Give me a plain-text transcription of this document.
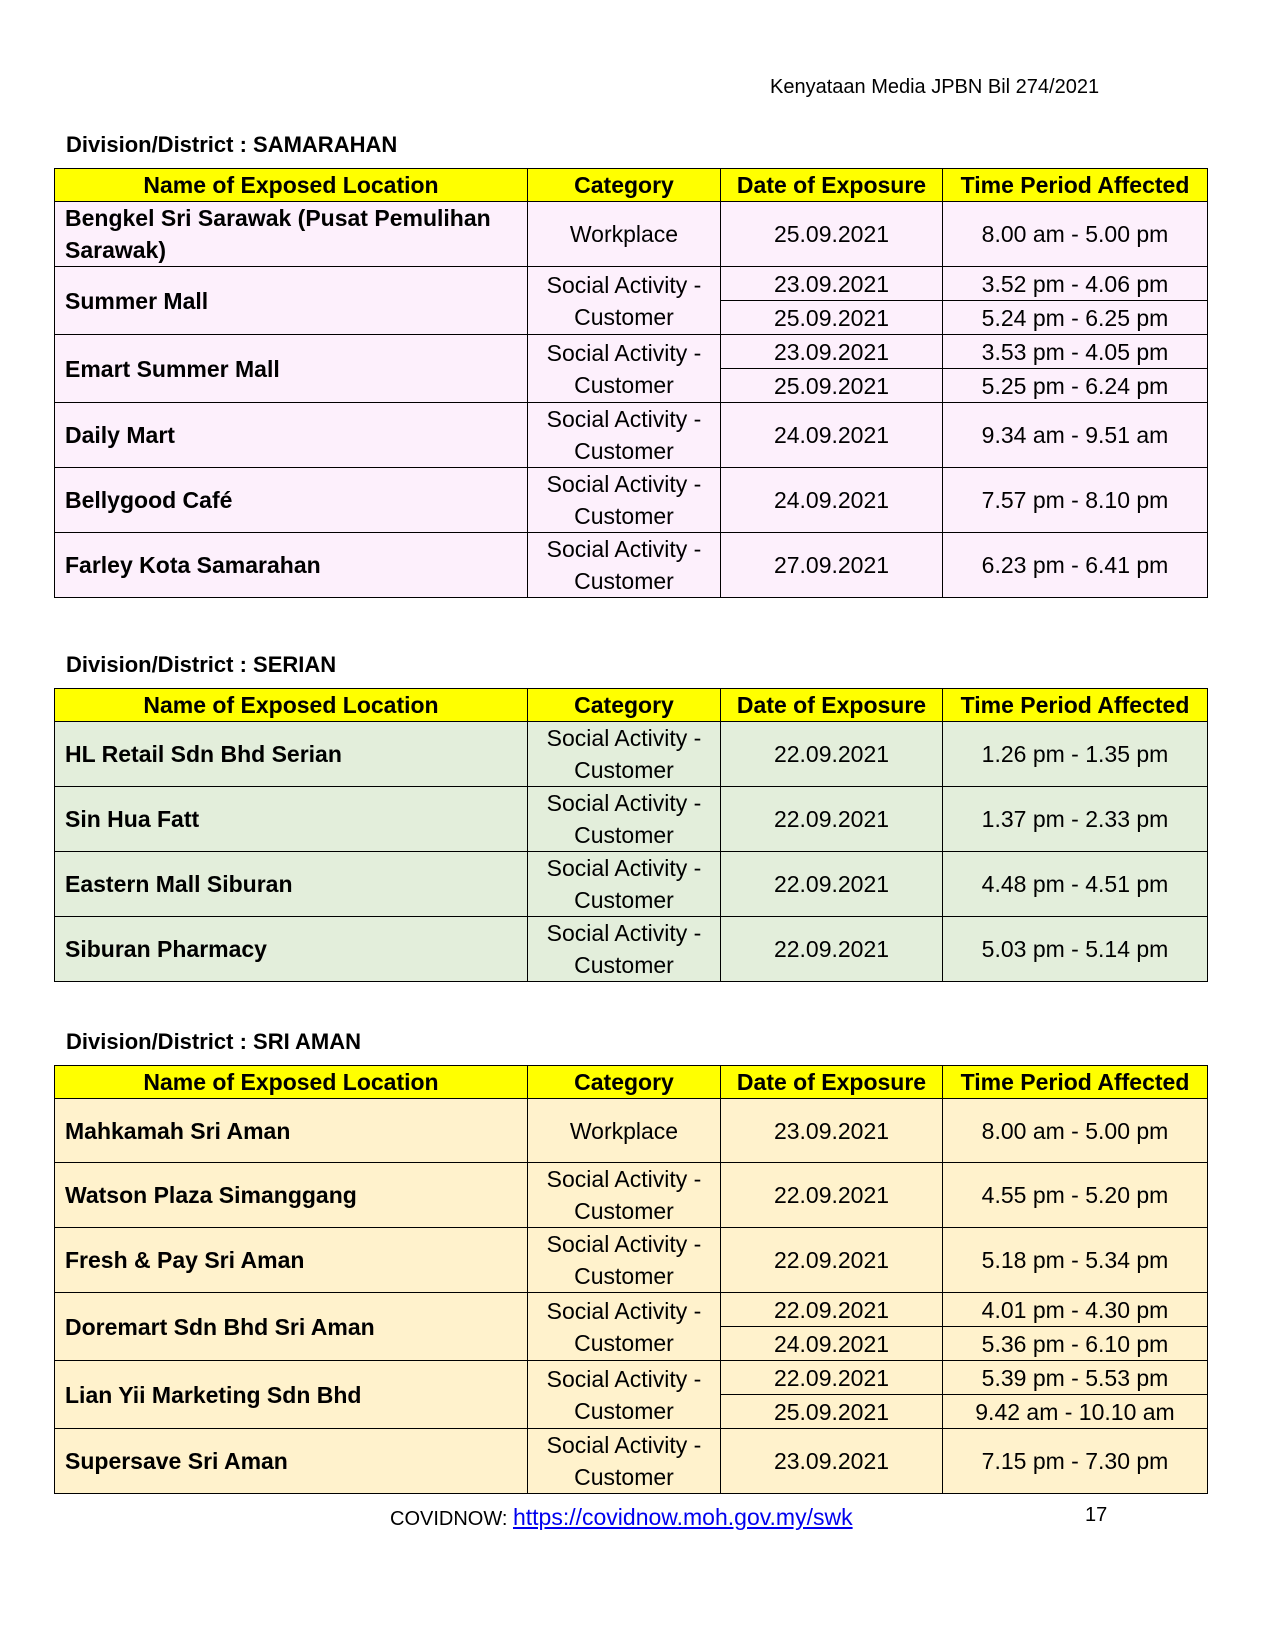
Kenyataan Media JPBN Bil 274/2021
Division/District : SAMARAHAN
Name of Exposed Location	Category	Date of Exposure	Time Period Affected
Bengkel Sri Sarawak (Pusat Pemulihan Sarawak)	Workplace	25.09.2021	8.00 am - 5.00 pm
Summer Mall	Social Activity - Customer	23.09.2021	3.52 pm - 4.06 pm
		25.09.2021	5.24 pm - 6.25 pm
Emart Summer Mall	Social Activity - Customer	23.09.2021	3.53 pm - 4.05 pm
		25.09.2021	5.25 pm - 6.24 pm
Daily Mart	Social Activity - Customer	24.09.2021	9.34 am - 9.51 am
Bellygood Café	Social Activity - Customer	24.09.2021	7.57 pm - 8.10 pm
Farley Kota Samarahan	Social Activity - Customer	27.09.2021	6.23 pm - 6.41 pm
Division/District : SERIAN
Name of Exposed Location	Category	Date of Exposure	Time Period Affected
HL Retail Sdn Bhd Serian	Social Activity - Customer	22.09.2021	1.26 pm - 1.35 pm
Sin Hua Fatt	Social Activity - Customer	22.09.2021	1.37 pm - 2.33 pm
Eastern Mall Siburan	Social Activity - Customer	22.09.2021	4.48 pm - 4.51 pm
Siburan Pharmacy	Social Activity - Customer	22.09.2021	5.03 pm - 5.14 pm
Division/District : SRI AMAN
Name of Exposed Location	Category	Date of Exposure	Time Period Affected
Mahkamah Sri Aman	Workplace	23.09.2021	8.00 am - 5.00 pm
Watson Plaza Simanggang	Social Activity - Customer	22.09.2021	4.55 pm - 5.20 pm
Fresh & Pay Sri Aman	Social Activity - Customer	22.09.2021	5.18 pm - 5.34 pm
Doremart Sdn Bhd Sri Aman	Social Activity - Customer	22.09.2021	4.01 pm - 4.30 pm
		24.09.2021	5.36 pm - 6.10 pm
Lian Yii Marketing Sdn Bhd	Social Activity - Customer	22.09.2021	5.39 pm - 5.53 pm
		25.09.2021	9.42 am - 10.10 am
Supersave Sri Aman	Social Activity - Customer	23.09.2021	7.15 pm - 7.30 pm
COVIDNOW: https://covidnow.moh.gov.my/swk	17
